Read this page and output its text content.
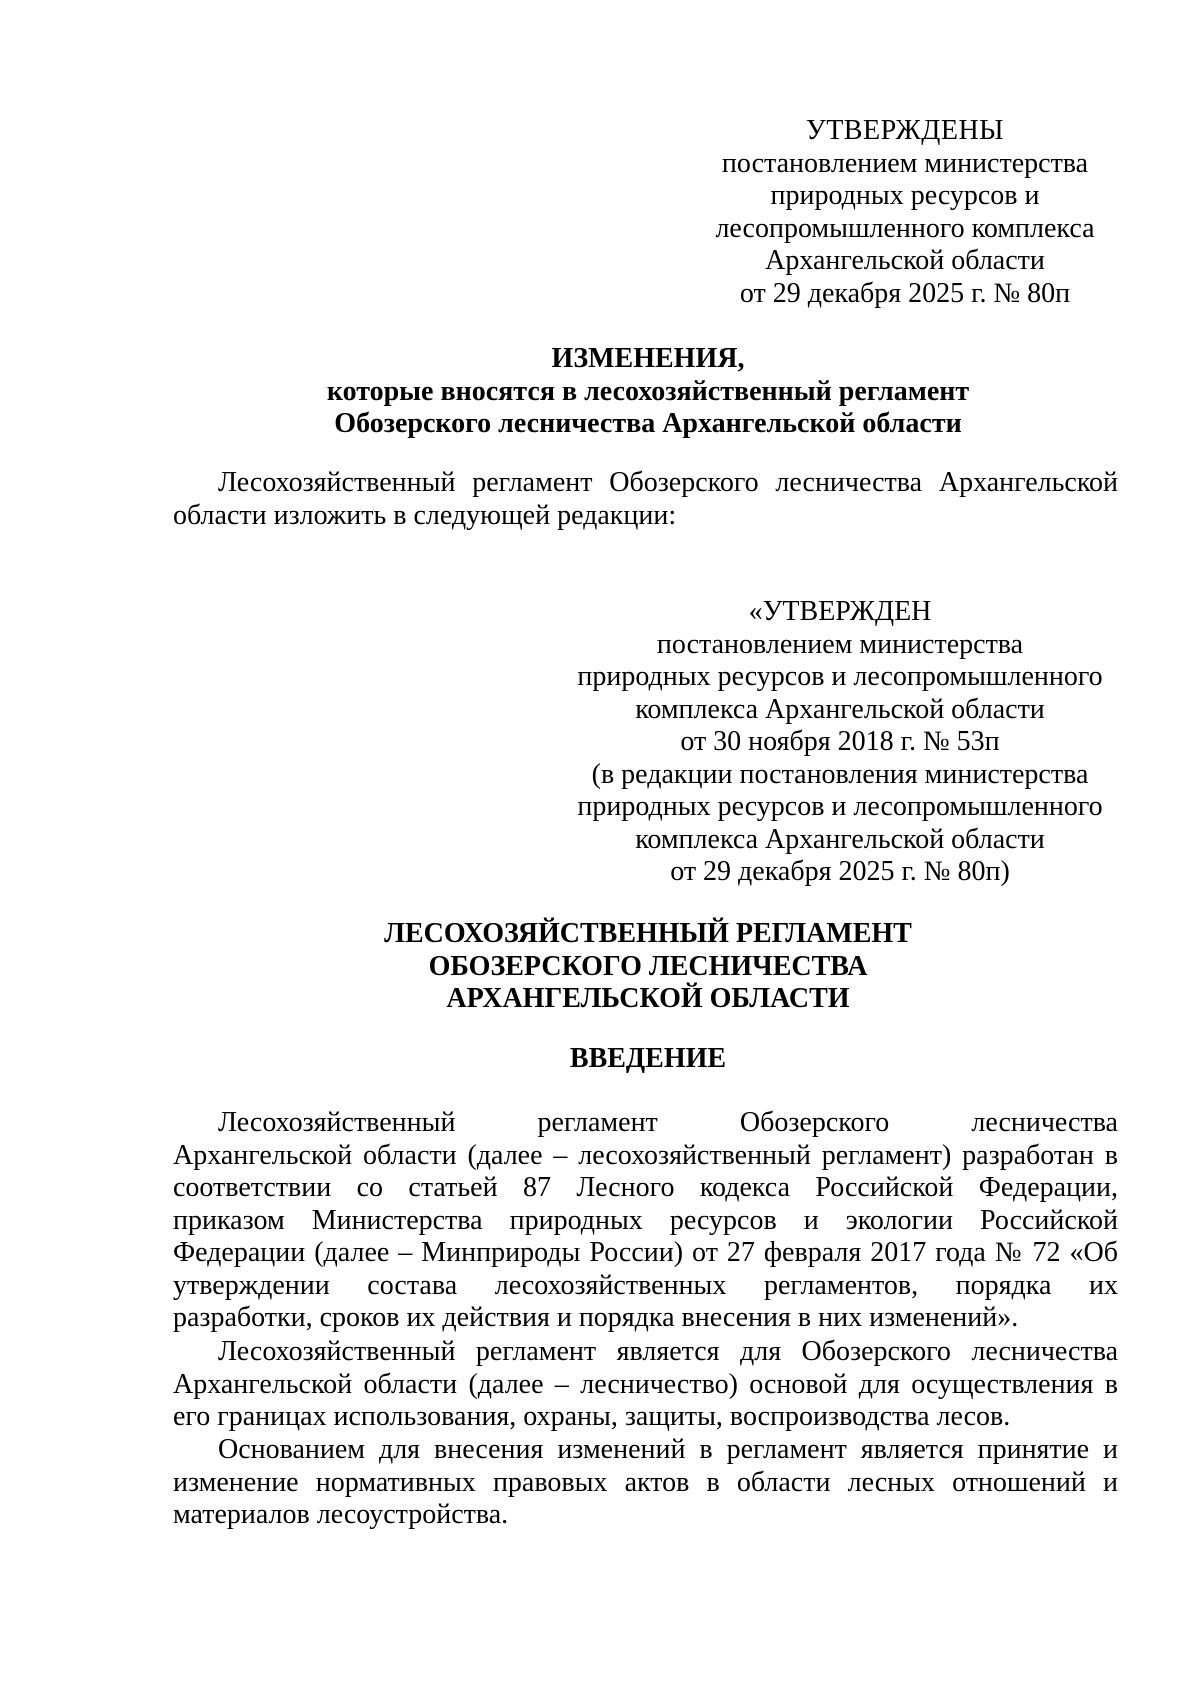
УТВЕРЖДЕНЫ
постановлением министерства
природных ресурсов и
лесопромышленного комплекса
Архангельской области
от 29 декабря 2025 г. № 80п
ИЗМЕНЕНИЯ,
которые вносятся в лесохозяйственный регламент
Обозерского лесничества Архангельской области
Лесохозяйственный регламент Обозерского лесничества Архангельской
области изложить в следующей редакции:
«УТВЕРЖДЕН
постановлением министерства
природных ресурсов и лесопромышленного
комплекса Архангельской области
от 30 ноября 2018 г. № 53п
(в редакции постановления министерства
природных ресурсов и лесопромышленного
комплекса Архангельской области
от 29 декабря 2025 г. № 80п)
ЛЕСОХОЗЯЙСТВЕННЫЙ РЕГЛАМЕНТ
ОБОЗЕРСКОГО ЛЕСНИЧЕСТВА
АРХАНГЕЛЬСКОЙ ОБЛАСТИ
ВВЕДЕНИЕ
Лесохозяйственный	регламент	Обозерского	лесничества
Архангельской области (далее – лесохозяйственный регламент) разработан в
соответствии со статьей 87 Лесного кодекса Российской Федерации,
приказом Министерства природных ресурсов и экологии Российской
Федерации (далее – Минприроды России) от 27 февраля 2017 года № 72 «Об
утверждении состава лесохозяйственных регламентов, порядка их
разработки, сроков их действия и порядка внесения в них изменений».
Лесохозяйственный регламент является для Обозерского лесничества
Архангельской области (далее – лесничество) основой для осуществления в
его границах использования, охраны, защиты, воспроизводства лесов.
Основанием для внесения изменений в регламент является принятие и
изменение нормативных правовых актов в области лесных отношений и
материалов лесоустройства.
